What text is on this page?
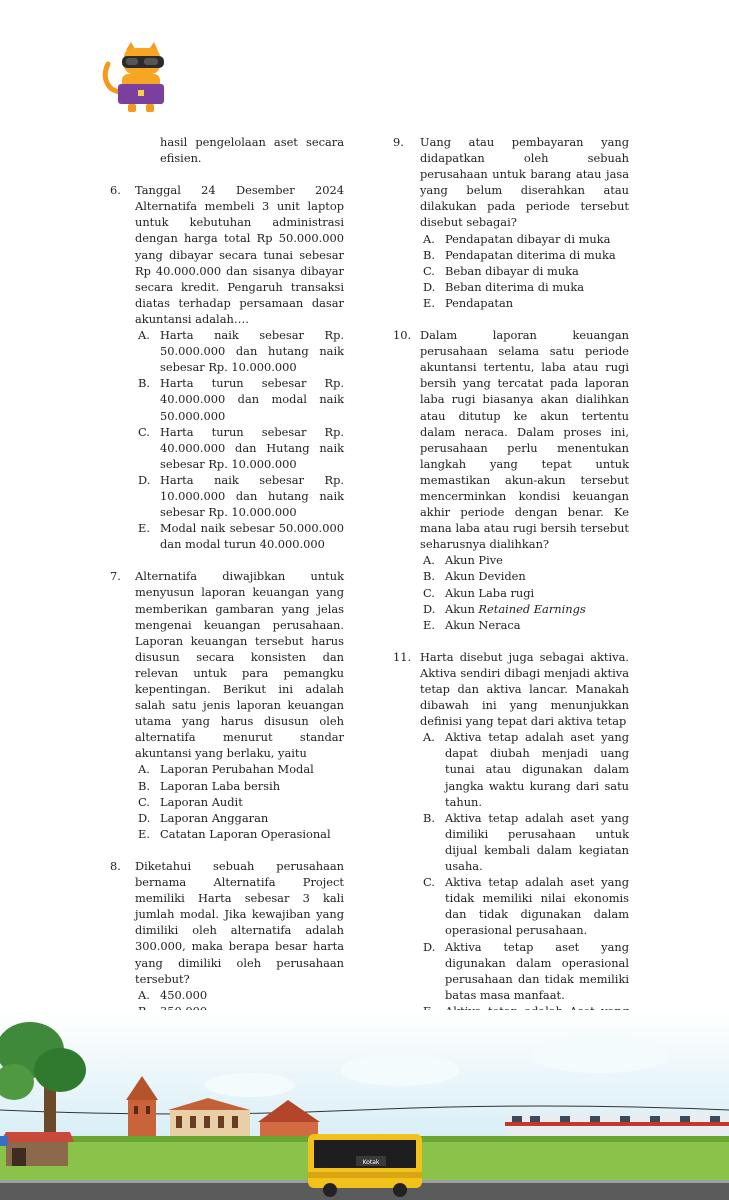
hasil pengelolaan aset secara efisien.
6. Tanggal 24 Desember 2024 Alternatifa membeli 3 unit laptop untuk kebutuhan administrasi dengan harga total Rp 50.000.000 yang dibayar secara tunai sebesar Rp 40.000.000 dan sisanya dibayar secara kredit. Pengaruh transaksi diatas terhadap persamaan dasar akuntansi adalah….
A. Harta naik sebesar Rp. 50.000.000 dan hutang naik sebesar Rp. 10.000.000
B. Harta turun sebesar Rp. 40.000.000 dan modal naik 50.000.000
C. Harta turun sebesar Rp. 40.000.000 dan Hutang naik sebesar Rp. 10.000.000
D. Harta naik sebesar Rp. 10.000.000 dan hutang naik sebesar Rp. 10.000.000
E. Modal naik sebesar 50.000.000 dan modal turun 40.000.000
7. Alternatifa diwajibkan untuk menyusun laporan keuangan yang memberikan gambaran yang jelas mengenai keuangan perusahaan. Laporan keuangan tersebut harus disusun secara konsisten dan relevan untuk para pemangku kepentingan. Berikut ini adalah salah satu jenis laporan keuangan utama yang harus disusun oleh alternatifa menurut standar akuntansi yang berlaku, yaitu
A. Laporan Perubahan Modal
B. Laporan Laba bersih
C. Laporan Audit
D. Laporan Anggaran
E. Catatan Laporan Operasional
8. Diketahui sebuah perusahaan bernama Alternatifa Project memiliki Harta sebesar 3 kali jumlah modal. Jika kewajiban yang dimiliki oleh alternatifa adalah 300.000, maka berapa besar harta yang dimiliki oleh perusahaan tersebut?
A. 450.000
9. Uang atau pembayaran yang didapatkan oleh sebuah perusahaan untuk barang atau jasa yang belum diserahkan atau dilakukan pada periode tersebut disebut sebagai?
A. Pendapatan dibayar di muka
B. Pendapatan diterima di muka
C. Beban dibayar di muka
D. Beban diterima di muka
E. Pendapatan
10. Dalam laporan keuangan perusahaan selama satu periode akuntansi tertentu, laba atau rugi bersih yang tercatat pada laporan laba rugi biasanya akan dialihkan atau ditutup ke akun tertentu dalam neraca. Dalam proses ini, perusahaan perlu menentukan langkah yang tepat untuk memastikan akun-akun tersebut mencerminkan kondisi keuangan akhir periode dengan benar. Ke mana laba atau rugi bersih tersebut seharusnya dialihkan?
A. Akun Pive
B. Akun Deviden
C. Akun Laba rugi
D. Akun Retained Earnings
E. Akun Neraca
11. Harta disebut juga sebagai aktiva. Aktiva sendiri dibagi menjadi aktiva tetap dan aktiva lancar. Manakah dibawah ini yang menunjukkan definisi yang tepat dari aktiva tetap
A. Aktiva tetap adalah aset yang dapat diubah menjadi uang tunai atau digunakan dalam jangka waktu kurang dari satu tahun.
B. Aktiva tetap adalah aset yang dimiliki perusahaan untuk dijual kembali dalam kegiatan usaha.
C. Aktiva tetap adalah aset yang tidak memiliki nilai ekonomis dan tidak digunakan dalam operasional perusahaan.
D. Aktiva tetap aset yang digunakan dalam operasional perusahaan dan tidak memiliki batas masa manfaat.
Kotak
